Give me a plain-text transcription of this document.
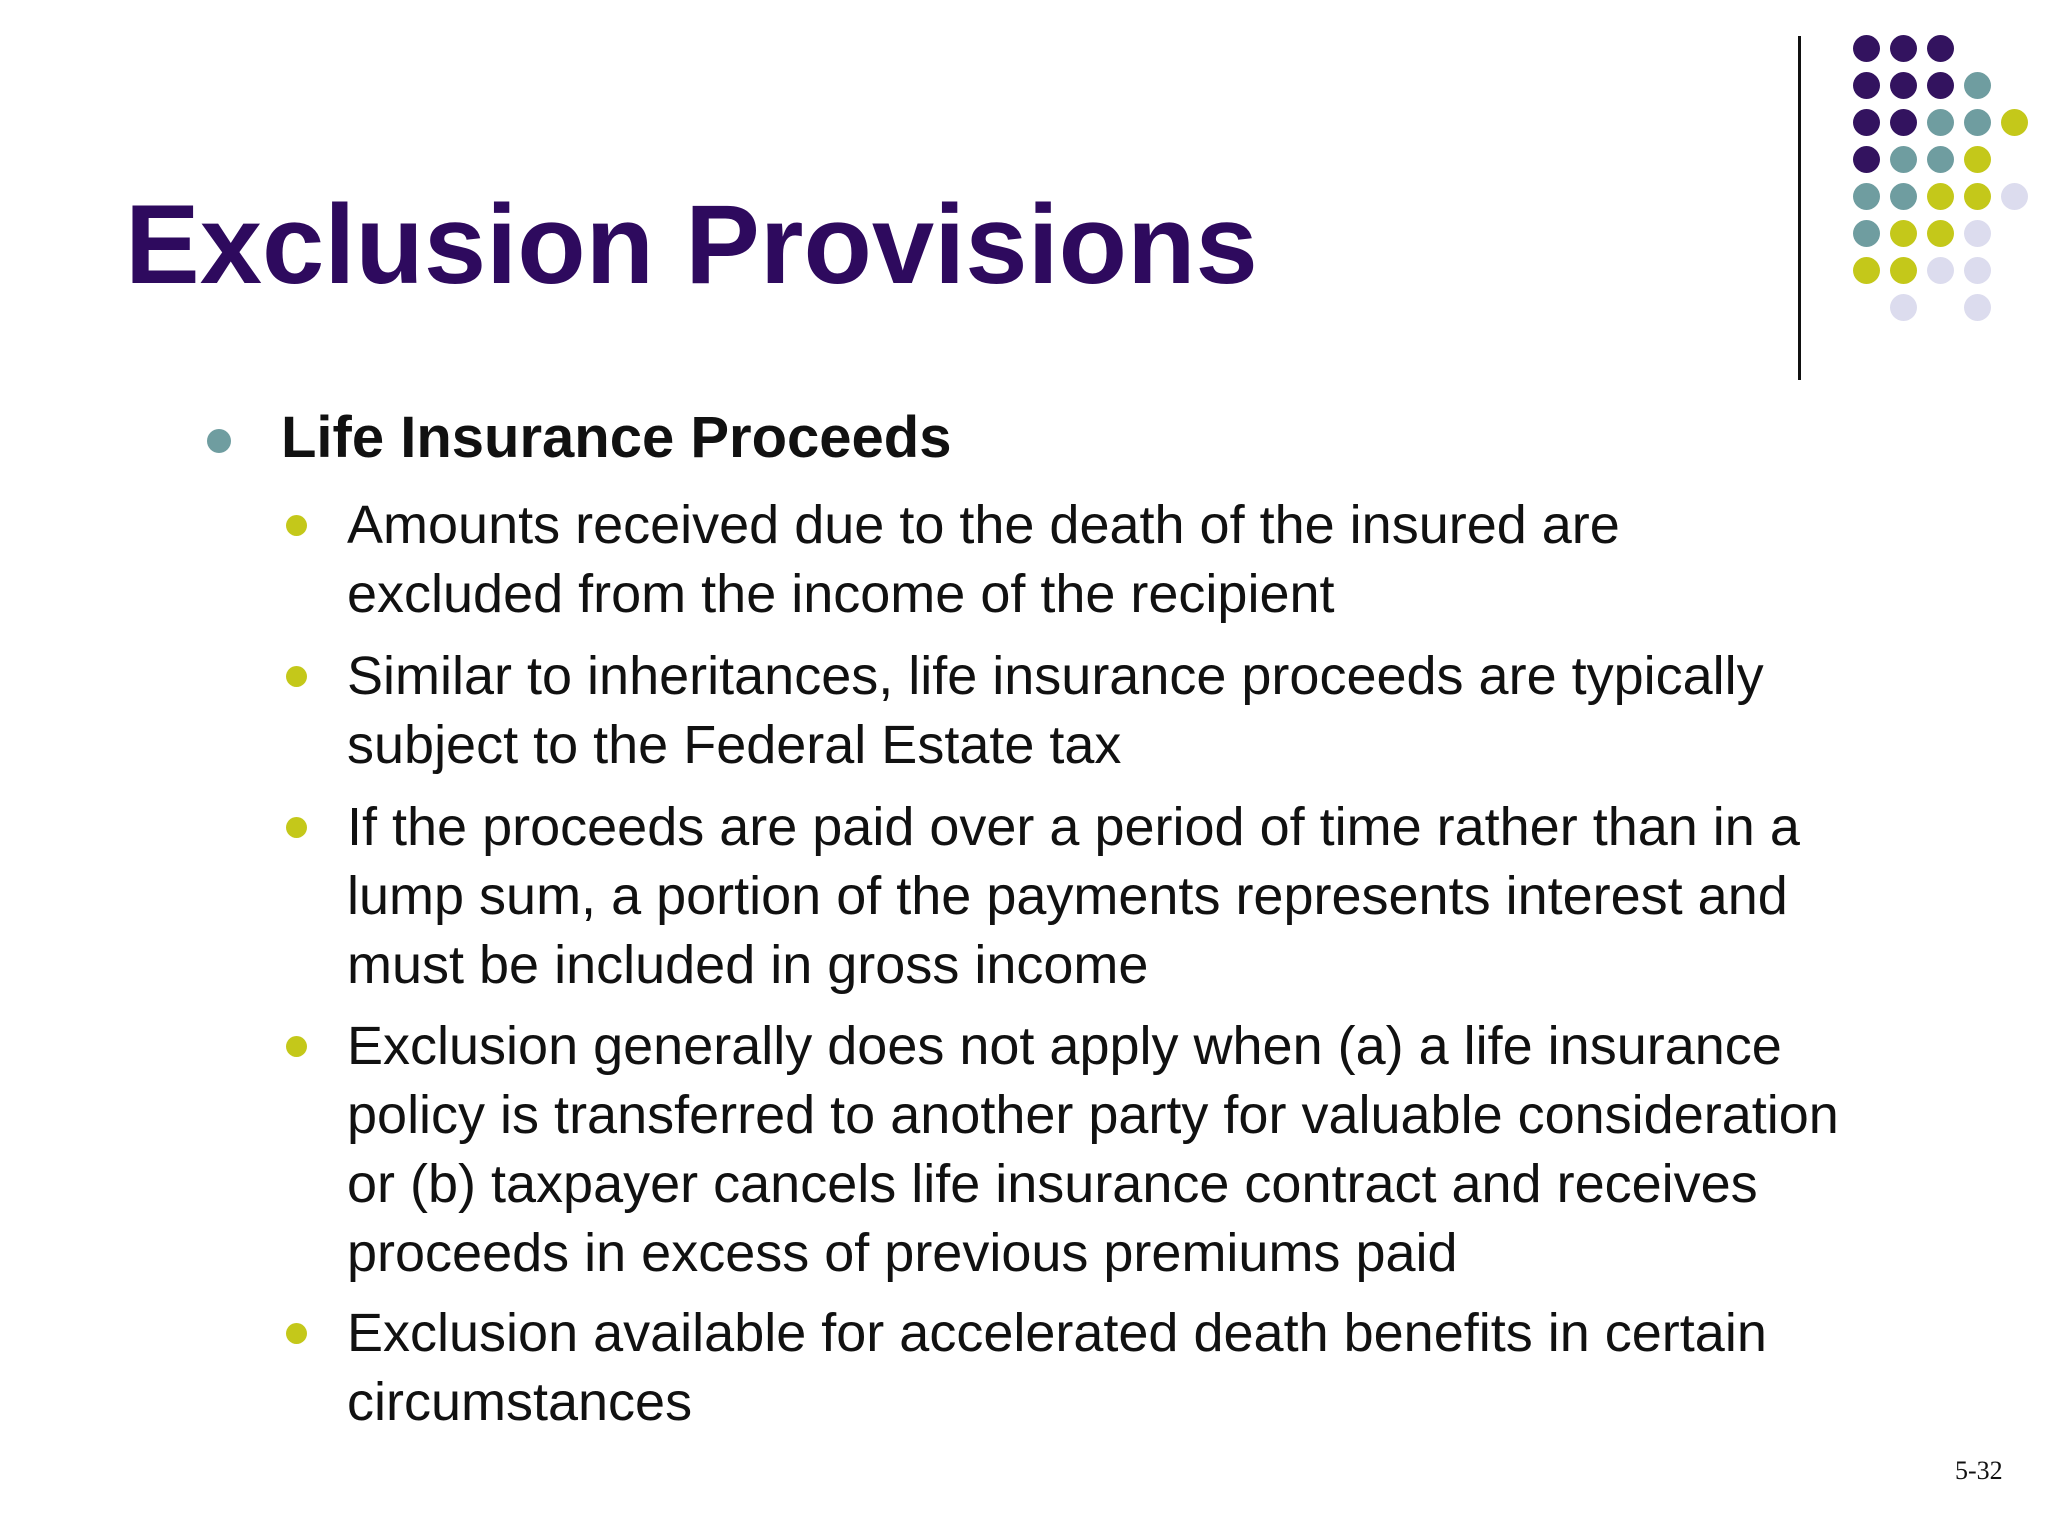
Exclusion Provisions
Life Insurance Proceeds
Amounts received due to the death of the insured are
excluded from the income of the recipient
Similar to inheritances, life insurance proceeds are typically
subject to the Federal Estate tax
If the proceeds are paid over a period of time rather than in a
lump sum, a portion of the payments represents interest and
must be included in gross income
Exclusion generally does not apply when (a) a life insurance
policy is transferred to another party for valuable consideration
or (b) taxpayer cancels life insurance contract and receives
proceeds in excess of previous premiums paid
Exclusion available for accelerated death benefits in certain
circumstances
5-32
